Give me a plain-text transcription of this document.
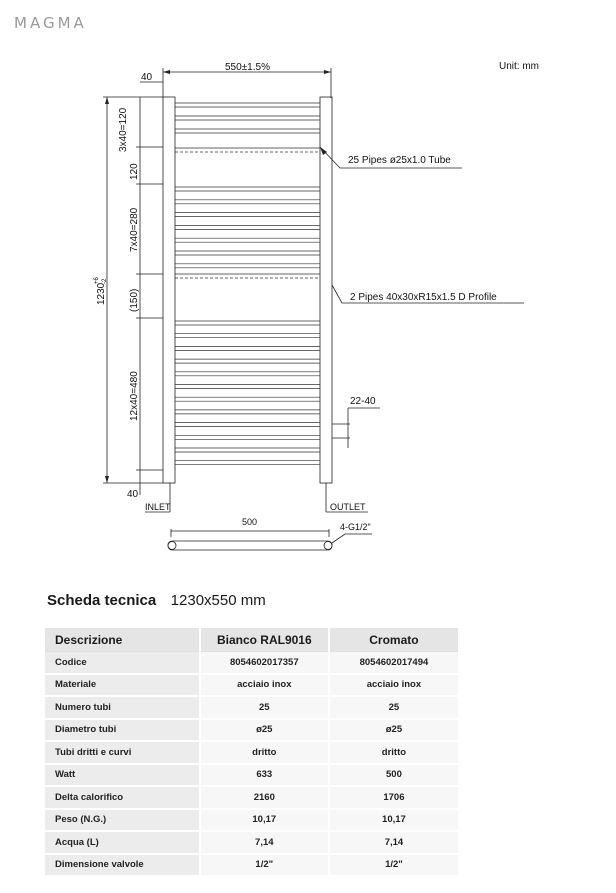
MAGMA
Unit: mm
550±1.5%
40
3x40=120
120
7x40=280
(150)
12x40=480
40
1230
+6 -2
25 Pipes ø25x1.0 Tube
2 Pipes 40x30xR15x1.5 D Profile
22-40
INLET	OUTLET
500	4-G1/2"
Scheda tecnica 1230x550 mm
Descrizione	Bianco RAL9016	Cromato
Codice	8054602017357	8054602017494
Materiale	acciaio inox	acciaio inox
Numero tubi	25	25
Diametro tubi	ø25	ø25
Tubi dritti e curvi	dritto	dritto
Watt	633	500
Delta calorifico	2160	1706
Peso (N.G.)	10,17	10,17
Acqua (L)	7,14	7,14
Dimensione valvole	1/2"	1/2"
